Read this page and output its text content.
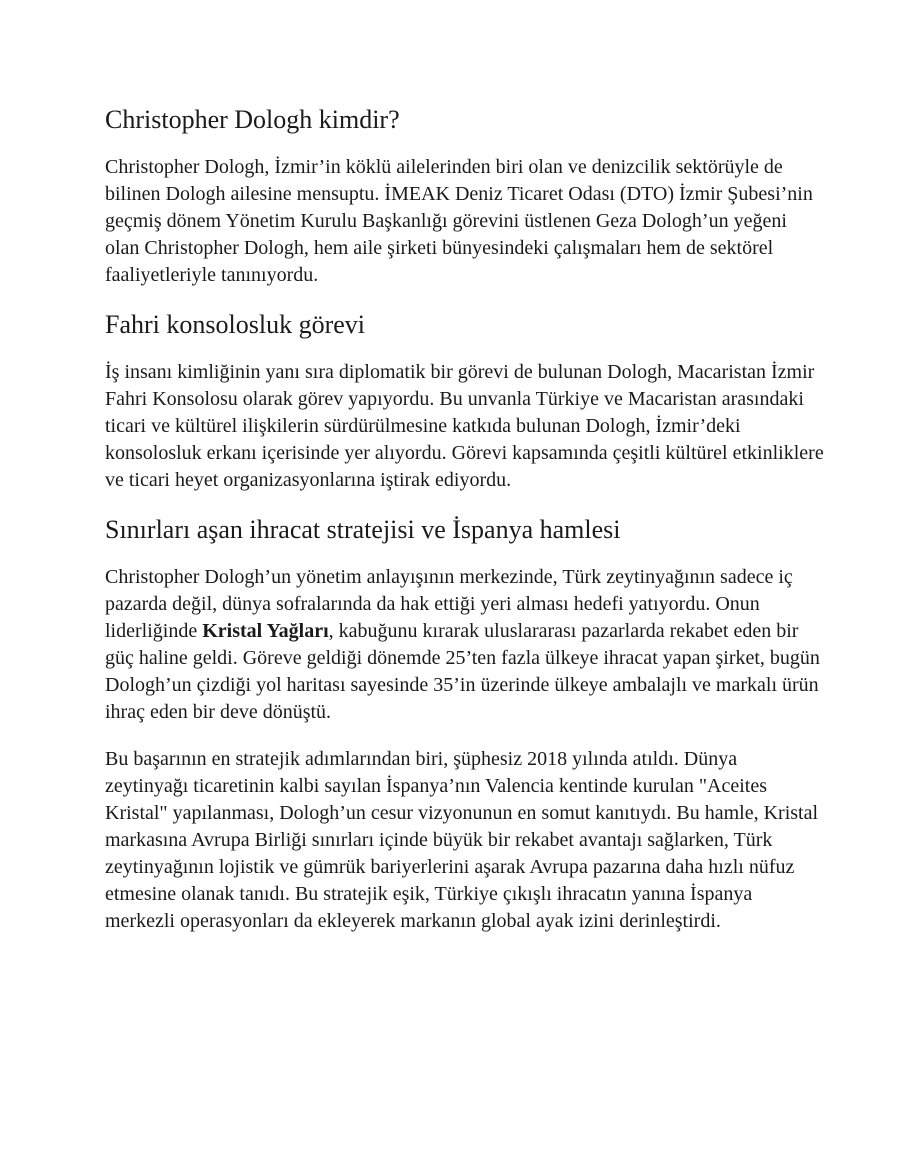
Christopher Dologh kimdir?

Christopher Dologh, İzmir’in köklü ailelerinden biri olan ve denizcilik sektörüyle de bilinen Dologh ailesine mensuptu. İMEAK Deniz Ticaret Odası (DTO) İzmir Şubesi’nin geçmiş dönem Yönetim Kurulu Başkanlığı görevini üstlenen Geza Dologh’un yeğeni olan Christopher Dologh, hem aile şirketi bünyesindeki çalışmaları hem de sektörel faaliyetleriyle tanınıyordu.

Fahri konsolosluk görevi

İş insanı kimliğinin yanı sıra diplomatik bir görevi de bulunan Dologh, Macaristan İzmir Fahri Konsolosu olarak görev yapıyordu. Bu unvanla Türkiye ve Macaristan arasındaki ticari ve kültürel ilişkilerin sürdürülmesine katkıda bulunan Dologh, İzmir’deki konsolosluk erkanı içerisinde yer alıyordu. Görevi kapsamında çeşitli kültürel etkinliklere ve ticari heyet organizasyonlarına iştirak ediyordu.

Sınırları aşan ihracat stratejisi ve İspanya hamlesi

Christopher Dologh’un yönetim anlayışının merkezinde, Türk zeytinyağının sadece iç pazarda değil, dünya sofralarında da hak ettiği yeri alması hedefi yatıyordu. Onun liderliğinde Kristal Yağları, kabuğunu kırarak uluslararası pazarlarda rekabet eden bir güç haline geldi. Göreve geldiği dönemde 25’ten fazla ülkeye ihracat yapan şirket, bugün Dologh’un çizdiği yol haritası sayesinde 35’in üzerinde ülkeye ambalajlı ve markalı ürün ihraç eden bir deve dönüştü.

Bu başarının en stratejik adımlarından biri, şüphesiz 2018 yılında atıldı. Dünya zeytinyağı ticaretinin kalbi sayılan İspanya’nın Valencia kentinde kurulan "Aceites Kristal" yapılanması, Dologh’un cesur vizyonunun en somut kanıtıydı. Bu hamle, Kristal markasına Avrupa Birliği sınırları içinde büyük bir rekabet avantajı sağlarken, Türk zeytinyağının lojistik ve gümrük bariyerlerini aşarak Avrupa pazarına daha hızlı nüfuz etmesine olanak tanıdı. Bu stratejik eşik, Türkiye çıkışlı ihracatın yanına İspanya merkezli operasyonları da ekleyerek markanın global ayak izini derinleştirdi.
